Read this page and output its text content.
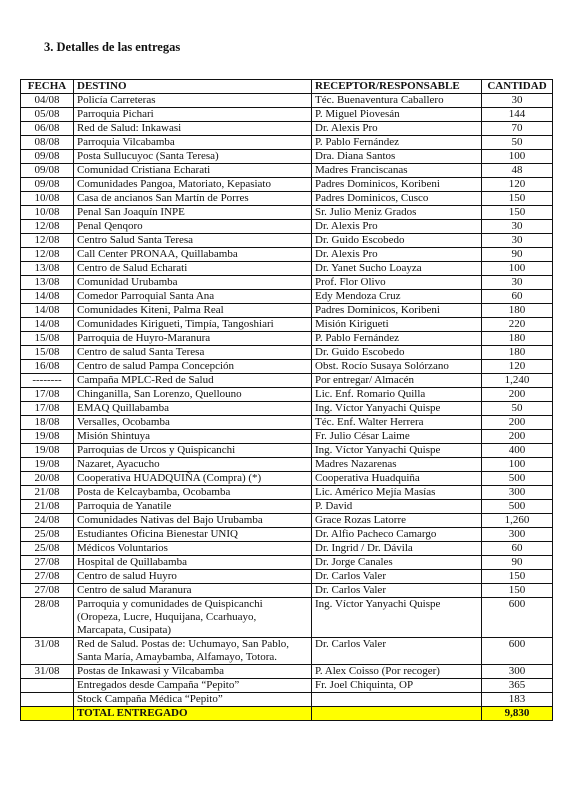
3. Detalles de las entregas
FECHA	DESTINO	RECEPTOR/RESPONSABLE	CANTIDAD
04/08	Policía Carreteras	Téc. Buenaventura Caballero	30
05/08	Parroquia Pichari	P. Miguel Piovesán	144
06/08	Red de Salud: Inkawasi	Dr. Alexis Pro	70
08/08	Parroquia Vilcabamba	P. Pablo Fernández	50
09/08	Posta Sullucuyoc (Santa Teresa)	Dra. Diana Santos	100
09/08	Comunidad Cristiana Echarati	Madres Franciscanas	48
09/08	Comunidades Pangoa, Matoriato, Kepasiato	Padres Dominicos, Koribeni	120
10/08	Casa de ancianos San Martín de Porres	Padres Dominicos, Cusco	150
10/08	Penal San Joaquín INPE	Sr. Julio Meniz Grados	150
12/08	Penal Qenqoro	Dr. Alexis Pro	30
12/08	Centro Salud Santa Teresa	Dr. Guido Escobedo	30
12/08	Call Center PRONAA, Quillabamba	Dr. Alexis Pro	90
13/08	Centro de Salud Echarati	Dr. Yanet Sucho Loayza	100
13/08	Comunidad Urubamba	Prof. Flor Olivo	30
14/08	Comedor Parroquial Santa Ana	Edy Mendoza Cruz	60
14/08	Comunidades Kiteni, Palma Real	Padres Dominicos, Koribeni	180
14/08	Comunidades Kirigueti, Timpía, Tangoshiari	Misión Kirigueti	220
15/08	Parroquia de Huyro-Maranura	P. Pablo Fernández	180
15/08	Centro de salud Santa Teresa	Dr. Guido Escobedo	180
16/08	Centro de salud Pampa Concepción	Obst. Rocío Susaya Solórzano	120
--------	Campaña MPLC-Red de Salud	Por entregar/ Almacén	1,240
17/08	Chinganilla, San Lorenzo, Quellouno	Lic. Enf. Romario Quilla	200
17/08	EMAQ Quillabamba	Ing. Víctor Yanyachi Quispe	50
18/08	Versalles, Ocobamba	Téc. Enf. Walter Herrera	200
19/08	Misión Shintuya	Fr. Julio César Laime	200
19/08	Parroquias de Urcos y Quispicanchi	Ing. Víctor Yanyachi Quispe	400
19/08	Nazaret, Ayacucho	Madres Nazarenas	100
20/08	Cooperativa HUADQUIÑA (Compra) (*)	Cooperativa Huadquiña	500
21/08	Posta de Kelcaybamba, Ocobamba	Lic. Américo Mejía Masías	300
21/08	Parroquia de Yanatile	P. David	500
24/08	Comunidades Nativas del Bajo Urubamba	Grace Rozas Latorre	1,260
25/08	Estudiantes Oficina Bienestar UNIQ	Dr. Alfio Pacheco Camargo	300
25/08	Médicos Voluntarios	Dr. Ingrid / Dr. Dávila	60
27/08	Hospital de Quillabamba	Dr. Jorge Canales	90
27/08	Centro de salud Huyro	Dr. Carlos Valer	150
27/08	Centro de salud Maranura	Dr. Carlos Valer	150
28/08	Parroquia y comunidades de Quispicanchi (Oropeza, Lucre, Huquijana, Ccarhuayo, Marcapata, Cusipata)	Ing. Víctor Yanyachi Quispe	600
31/08	Red de Salud. Postas de: Uchumayo, San Pablo, Santa María, Amaybamba, Alfamayo, Totora.	Dr. Carlos Valer	600
31/08	Postas de Inkawasi y Vilcabamba	P. Alex Coisso (Por recoger)	300
	Entregados desde Campaña “Pepito”	Fr. Joel Chiquinta, OP	365
	Stock Campaña Médica “Pepito”		183
	TOTAL ENTREGADO		9,830
